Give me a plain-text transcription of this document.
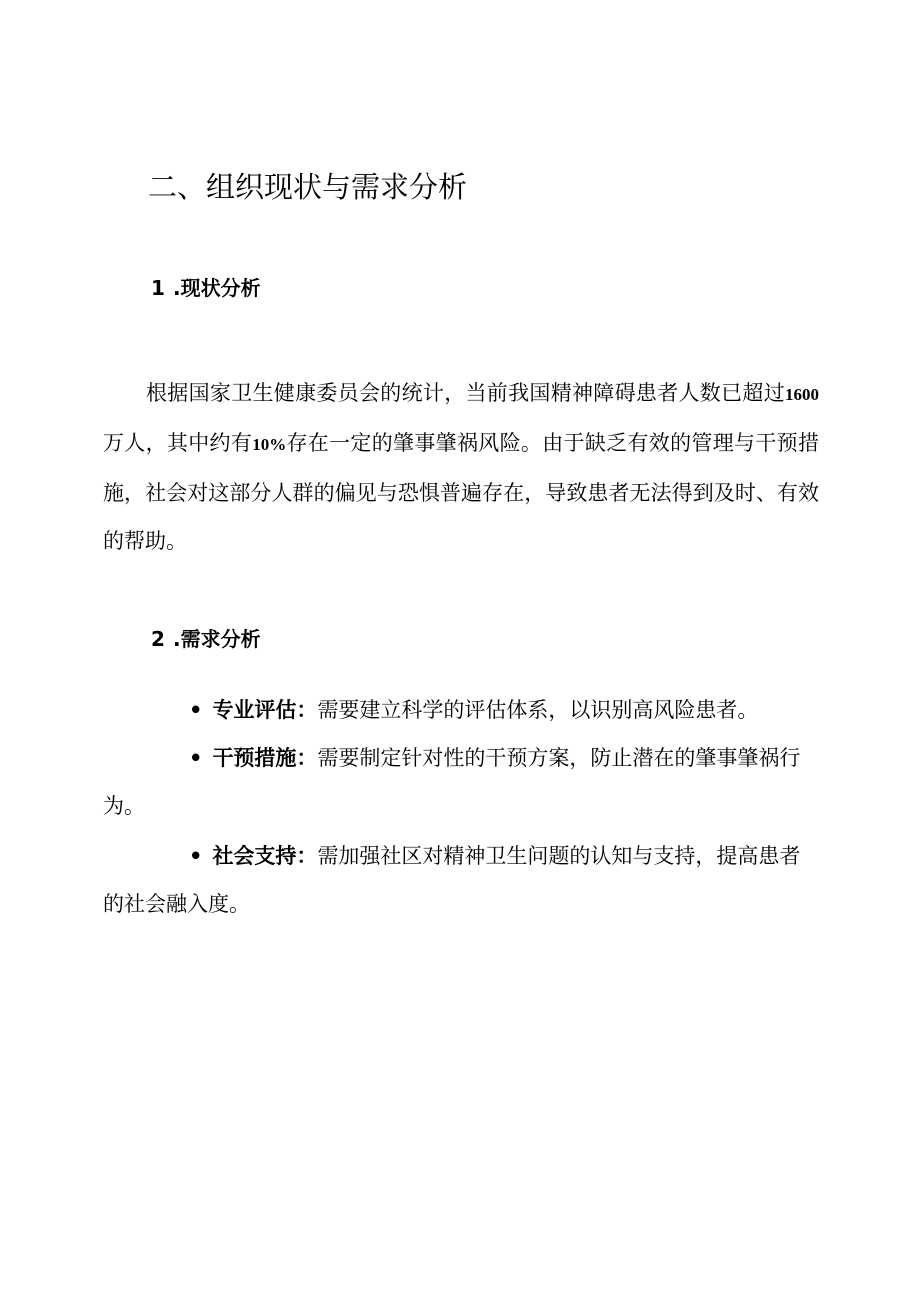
二、组织现状与需求分析
1 .现状分析

根据国家卫生健康委员会的统计，当前我国精神障碍患者人数已超过1600万人，其中约有10%存在一定的肇事肇祸风险。由于缺乏有效的管理与干预措施，社会对这部分人群的偏见与恐惧普遍存在，导致患者无法得到及时、有效的帮助。

2 .需求分析

• 专业评估：需要建立科学的评估体系，以识别高风险患者。

• 干预措施：需要制定针对性的干预方案，防止潜在的肇事肇祸行为。

• 社会支持：需加强社区对精神卫生问题的认知与支持，提高患者的社会融入度。
